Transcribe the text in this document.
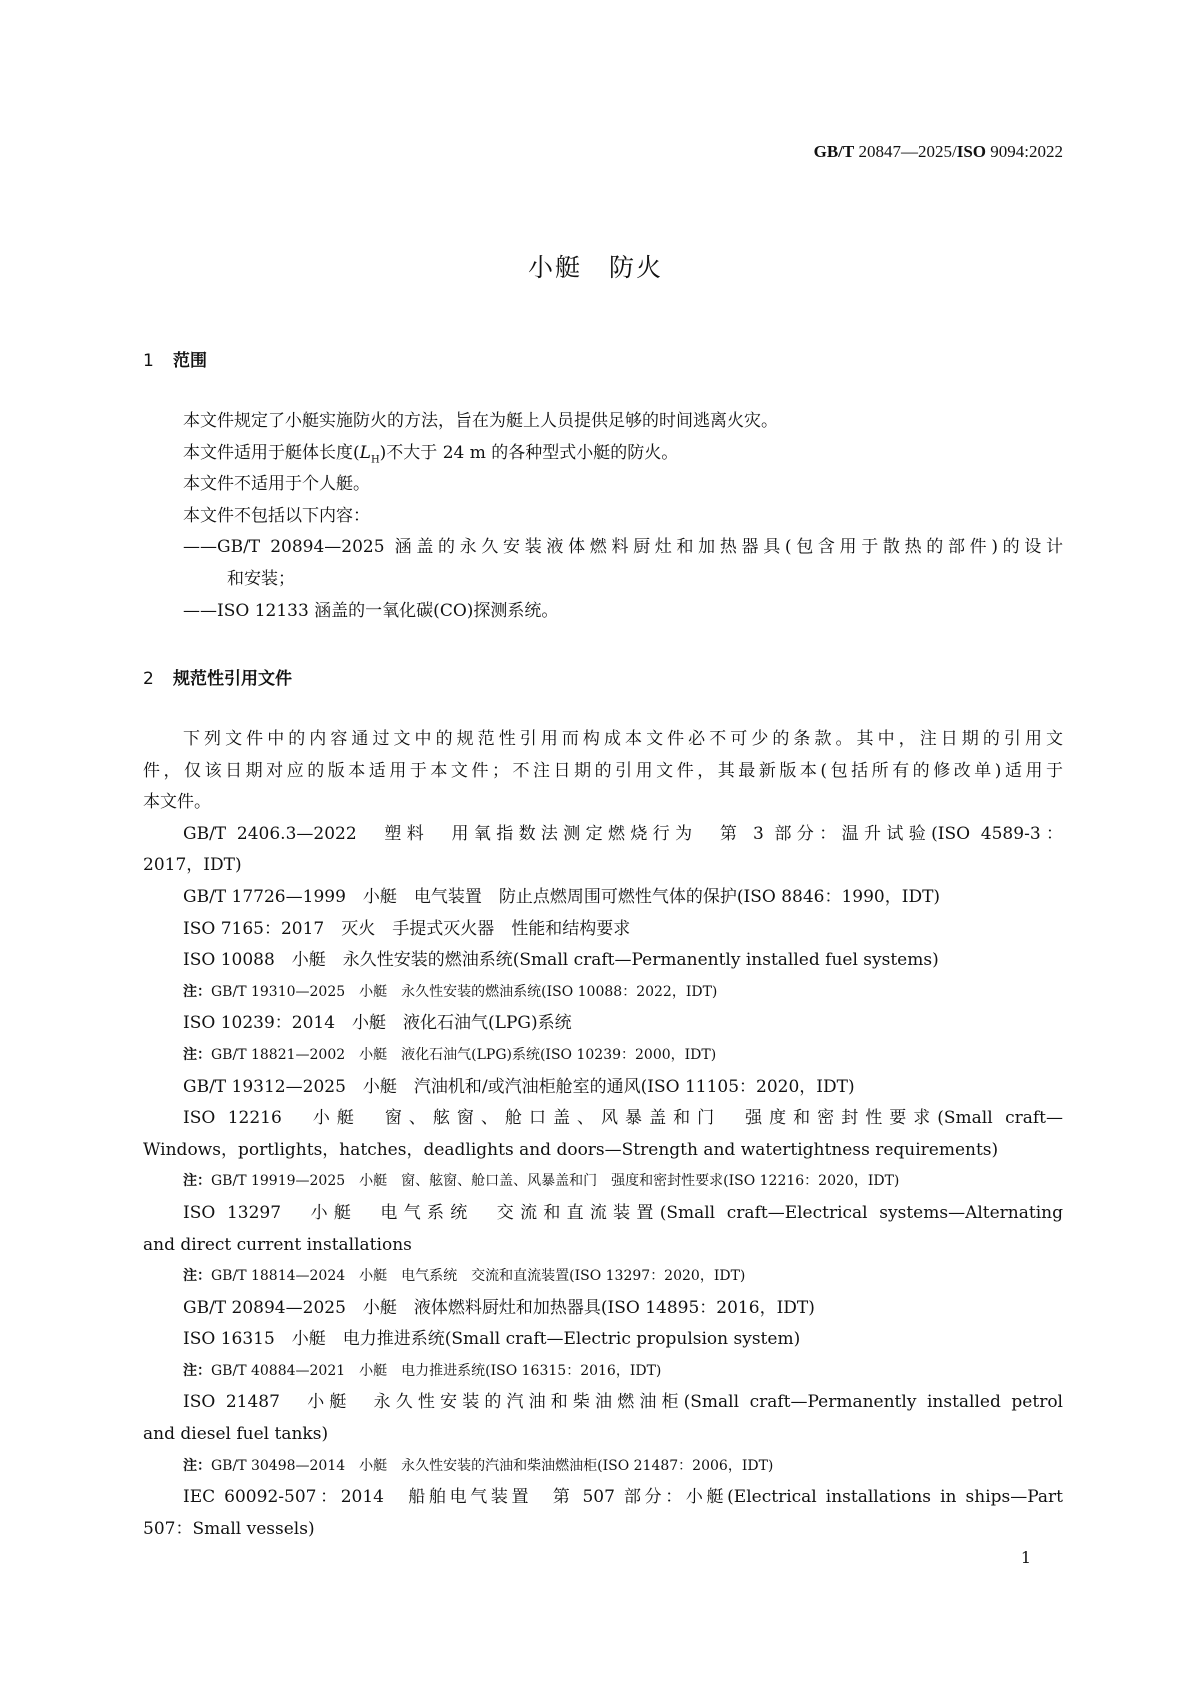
GB/T 20847—2025/ISO 9094:2022
小艇　防火
1 范围
本文件规定了小艇实施防火的方法，旨在为艇上人员提供足够的时间逃离火灾。
本文件适用于艇体长度$(L_H)$不大于 24 m 的各种型式小艇的防火。
本文件不适用于个人艇。
本文件不包括以下内容：
——GB/T 20894—2025 涵盖的永久安装液体燃料厨灶和加热器具(包含用于散热的部件)的设计
和安装；
——ISO 12133 涵盖的一氧化碳(CO)探测系统。
2 规范性引用文件
下列文件中的内容通过文中的规范性引用而构成本文件必不可少的条款。其中，注日期的引用文
件，仅该日期对应的版本适用于本文件；不注日期的引用文件，其最新版本(包括所有的修改单)适用于
本文件。
GB/T 2406.3—2022　塑料　用氧指数法测定燃烧行为　第 3 部分：温升试验(ISO 4589-3：
2017，IDT)
GB/T 17726—1999　小艇　电气装置　防止点燃周围可燃性气体的保护(ISO 8846：1990，IDT)
ISO 7165：2017　灭火　手提式灭火器　性能和结构要求
ISO 10088　小艇　永久性安装的燃油系统(Small craft—Permanently installed fuel systems)
注：GB/T 19310—2025　小艇　永久性安装的燃油系统(ISO 10088：2022，IDT)
ISO 10239：2014　小艇　液化石油气(LPG)系统
注：GB/T 18821—2002　小艇　液化石油气(LPG)系统(ISO 10239：2000，IDT)
GB/T 19312—2025　小艇　汽油机和/或汽油柜舱室的通风(ISO 11105：2020，IDT)
ISO 12216　小艇　窗、舷窗、舱口盖、风暴盖和门　强度和密封性要求(Small craft—
Windows，portlights，hatches，deadlights and doors—Strength and watertightness requirements)
注：GB/T 19919—2025　小艇　窗、舷窗、舱口盖、风暴盖和门　强度和密封性要求(ISO 12216：2020，IDT)
ISO 13297　小艇　电气系统　交流和直流装置(Small craft—Electrical systems—Alternating
and direct current installations
注：GB/T 18814—2024　小艇　电气系统　交流和直流装置(ISO 13297：2020，IDT)
GB/T 20894—2025　小艇　液体燃料厨灶和加热器具(ISO 14895：2016，IDT)
ISO 16315　小艇　电力推进系统(Small craft—Electric propulsion system)
注：GB/T 40884—2021　小艇　电力推进系统(ISO 16315：2016，IDT)
ISO 21487　小艇　永久性安装的汽油和柴油燃油柜(Small craft—Permanently installed petrol
and diesel fuel tanks)
注：GB/T 30498—2014　小艇　永久性安装的汽油和柴油燃油柜(ISO 21487：2006，IDT)
IEC 60092-507：2014　船舶电气装置　第 507 部分：小艇(Electrical installations in ships—Part
507：Small vessels)
1
